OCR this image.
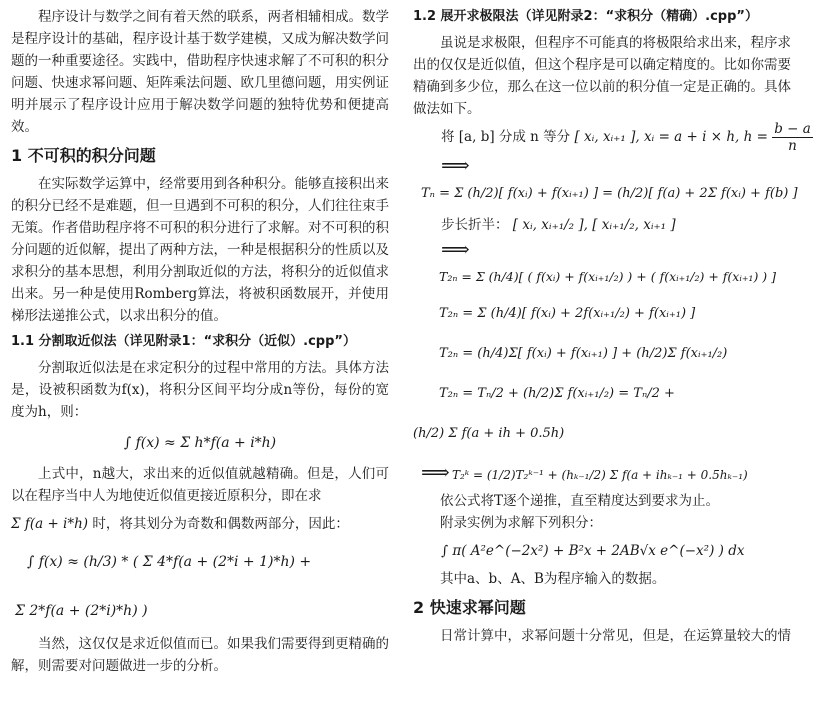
程序设计与数学之间有着天然的联系，两者相辅相成。数学是程序设计的基础，程序设计基于数学建模，又成为解决数学问题的一种重要途径。实践中，借助程序快速求解了不可积的积分问题、快速求幂问题、矩阵乘法问题、欧几里德问题，用实例证明并展示了程序设计应用于解决数学问题的独特优势和便捷高效。

1 不可积的积分问题

在实际数学运算中，经常要用到各种积分。能够直接积出来的积分已经不是难题，但一旦遇到不可积的积分，人们往往束手无策。作者借助程序将不可积的积分进行了求解。对不可积的积分问题的近似解，提出了两种方法，一种是根据积分的性质以及求积分的基本思想，利用分割取近似的方法，将积分的近似值求出来。另一种是使用Romberg算法，将被积函数展开，并使用梯形法递推公式，以求出积分的值。

1.1 分割取近似法（详见附录1：“求积分（近似）.cpp”）

分割取近似法是在求定积分的过程中常用的方法。具体方法是，设被积函数为f(x)，将积分区间平均分成n等份，每份的宽度为h，则：

∫ f(x) ≈ Σ h*f(a + i*h)

上式中，n越大，求出来的近似值就越精确。但是，人们可以在程序当中人为地使近似值更接近原积分，即在求

Σ f(a + i*h) 时，将其划分为奇数和偶数两部分，因此：

∫ f(x) ≈ (h/3) * ( Σ 4*f(a + (2*i + 1)*h) +
Σ 2*f(a + (2*i)*h) )

当然，这仅仅是求近似值而已。如果我们需要得到更精确的解，则需要对问题做进一步的分析。

1.2 展开求极限法（详见附录2：“求积分（精确）.cpp”）

虽说是求极限，但程序不可能真的将极限给求出来，程序求出的仅仅是近似值，但这个程序是可以确定精度的。比如你需要精确到多少位，那么在这一位以前的积分值一定是正确的。具体做法如下。

将 [a, b] 分成 n 等分 [ xᵢ, xᵢ₊₁ ], xᵢ = a + i × h, $h = \frac{b - a}{n}$
⟹
Tₙ = Σ (h/2)[ f(xᵢ) + f(xᵢ₊₁) ] = (h/2)[ f(a) + 2Σ f(xᵢ) + f(b) ]
步长折半： [ xᵢ, xᵢ₊₁/₂ ], [ xᵢ₊₁/₂, xᵢ₊₁ ]
⟹
T₂ₙ = Σ (h/4)[ ( f(xᵢ) + f(xᵢ₊₁/₂) ) + ( f(xᵢ₊₁/₂) + f(xᵢ₊₁) ) ]
T₂ₙ = Σ (h/4)[ f(xᵢ) + 2f(xᵢ₊₁/₂) + f(xᵢ₊₁) ]
T₂ₙ = (h/4)Σ[ f(xᵢ) + f(xᵢ₊₁) ] + (h/2)Σ f(xᵢ₊₁/₂)
T₂ₙ = Tₙ/2 + (h/2)Σ f(xᵢ₊₁/₂) = Tₙ/2 +
(h/2) Σ f(a + ih + 0.5h)
⟹ T₂ᵏ = (1/2)T₂ᵏ⁻¹ + (hₖ₋₁/2) Σ f(a + ihₖ₋₁ + 0.5hₖ₋₁)

依公式将T逐个递推，直至精度达到要求为止。

附录实例为求解下列积分：

∫ π( A²e^(−2x²) + B²x + 2AB√x e^(−x²) ) dx

其中a、b、A、B为程序输入的数据。

2 快速求幂问题

日常计算中，求幂问题十分常见，但是，在运算量较大的情
